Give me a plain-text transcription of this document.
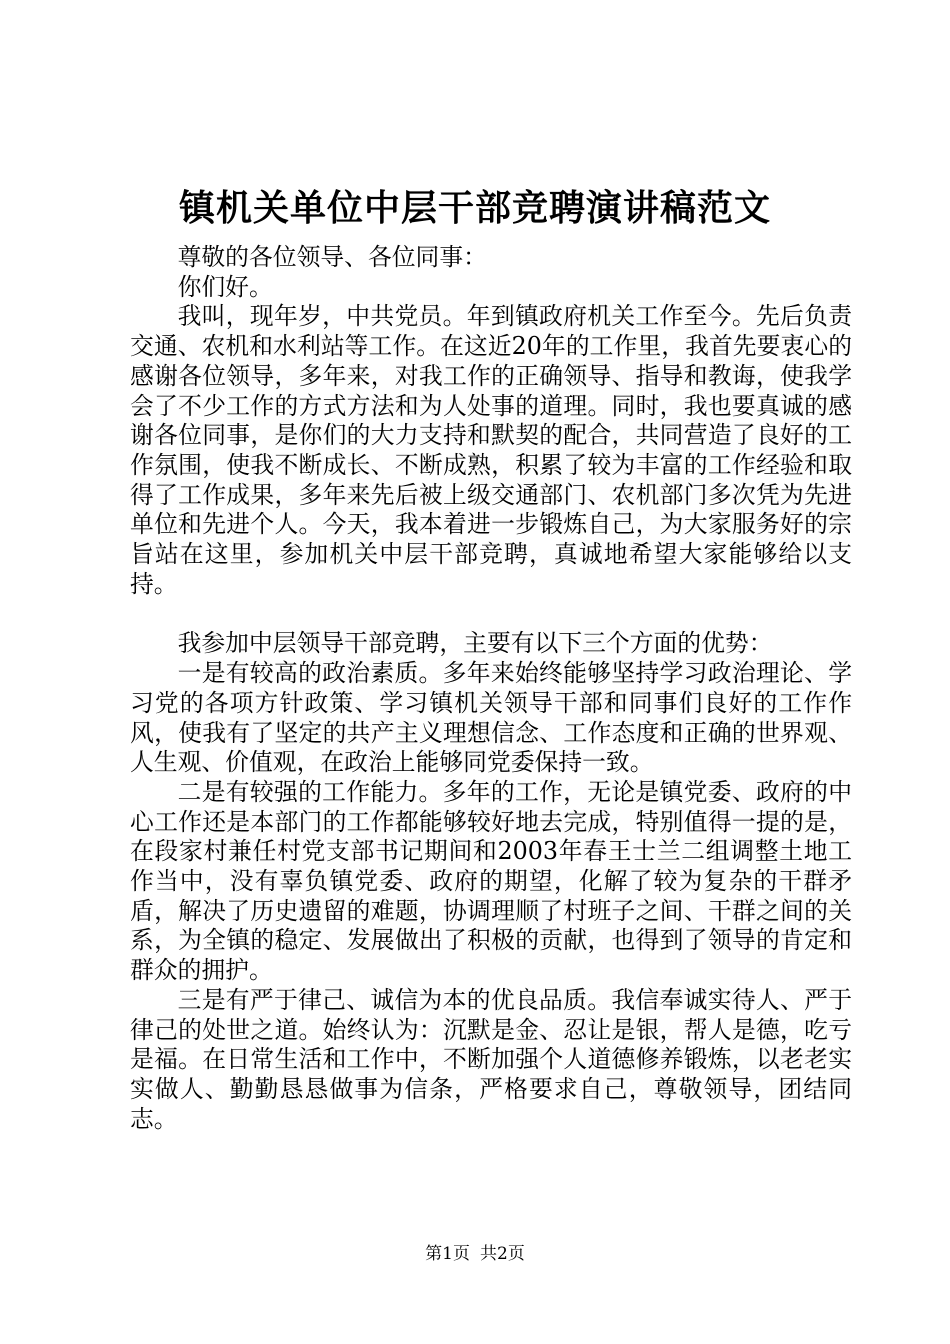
镇机关单位中层干部竞聘演讲稿范文

尊敬的各位领导、各位同事：

你们好。

我叫，现年岁，中共党员。年到镇政府机关工作至今。先后负责交通、农机和水利站等工作。在这近20年的工作里，我首先要衷心的感谢各位领导，多年来，对我工作的正确领导、指导和教诲，使我学会了不少工作的方式方法和为人处事的道理。同时，我也要真诚的感谢各位同事，是你们的大力支持和默契的配合，共同营造了良好的工作氛围，使我不断成长、不断成熟，积累了较为丰富的工作经验和取得了工作成果，多年来先后被上级交通部门、农机部门多次凭为先进单位和先进个人。今天，我本着进一步锻炼自己，为大家服务好的宗旨站在这里，参加机关中层干部竞聘，真诚地希望大家能够给以支持。

我参加中层领导干部竞聘，主要有以下三个方面的优势：

一是有较高的政治素质。多年来始终能够坚持学习政治理论、学习党的各项方针政策、学习镇机关领导干部和同事们良好的工作作风，使我有了坚定的共产主义理想信念、工作态度和正确的世界观、人生观、价值观，在政治上能够同党委保持一致。

二是有较强的工作能力。多年的工作，无论是镇党委、政府的中心工作还是本部门的工作都能够较好地去完成，特别值得一提的是，在段家村兼任村党支部书记期间和2003年春王士兰二组调整土地工作当中，没有辜负镇党委、政府的期望，化解了较为复杂的干群矛盾，解决了历史遗留的难题，协调理顺了村班子之间、干群之间的关系，为全镇的稳定、发展做出了积极的贡献，也得到了领导的肯定和群众的拥护。

三是有严于律己、诚信为本的优良品质。我信奉诚实待人、严于律己的处世之道。始终认为：沉默是金、忍让是银，帮人是德，吃亏是福。在日常生活和工作中，不断加强个人道德修养锻炼，以老老实实做人、勤勤恳恳做事为信条，严格要求自己，尊敬领导，团结同志。

第1页 共2页
